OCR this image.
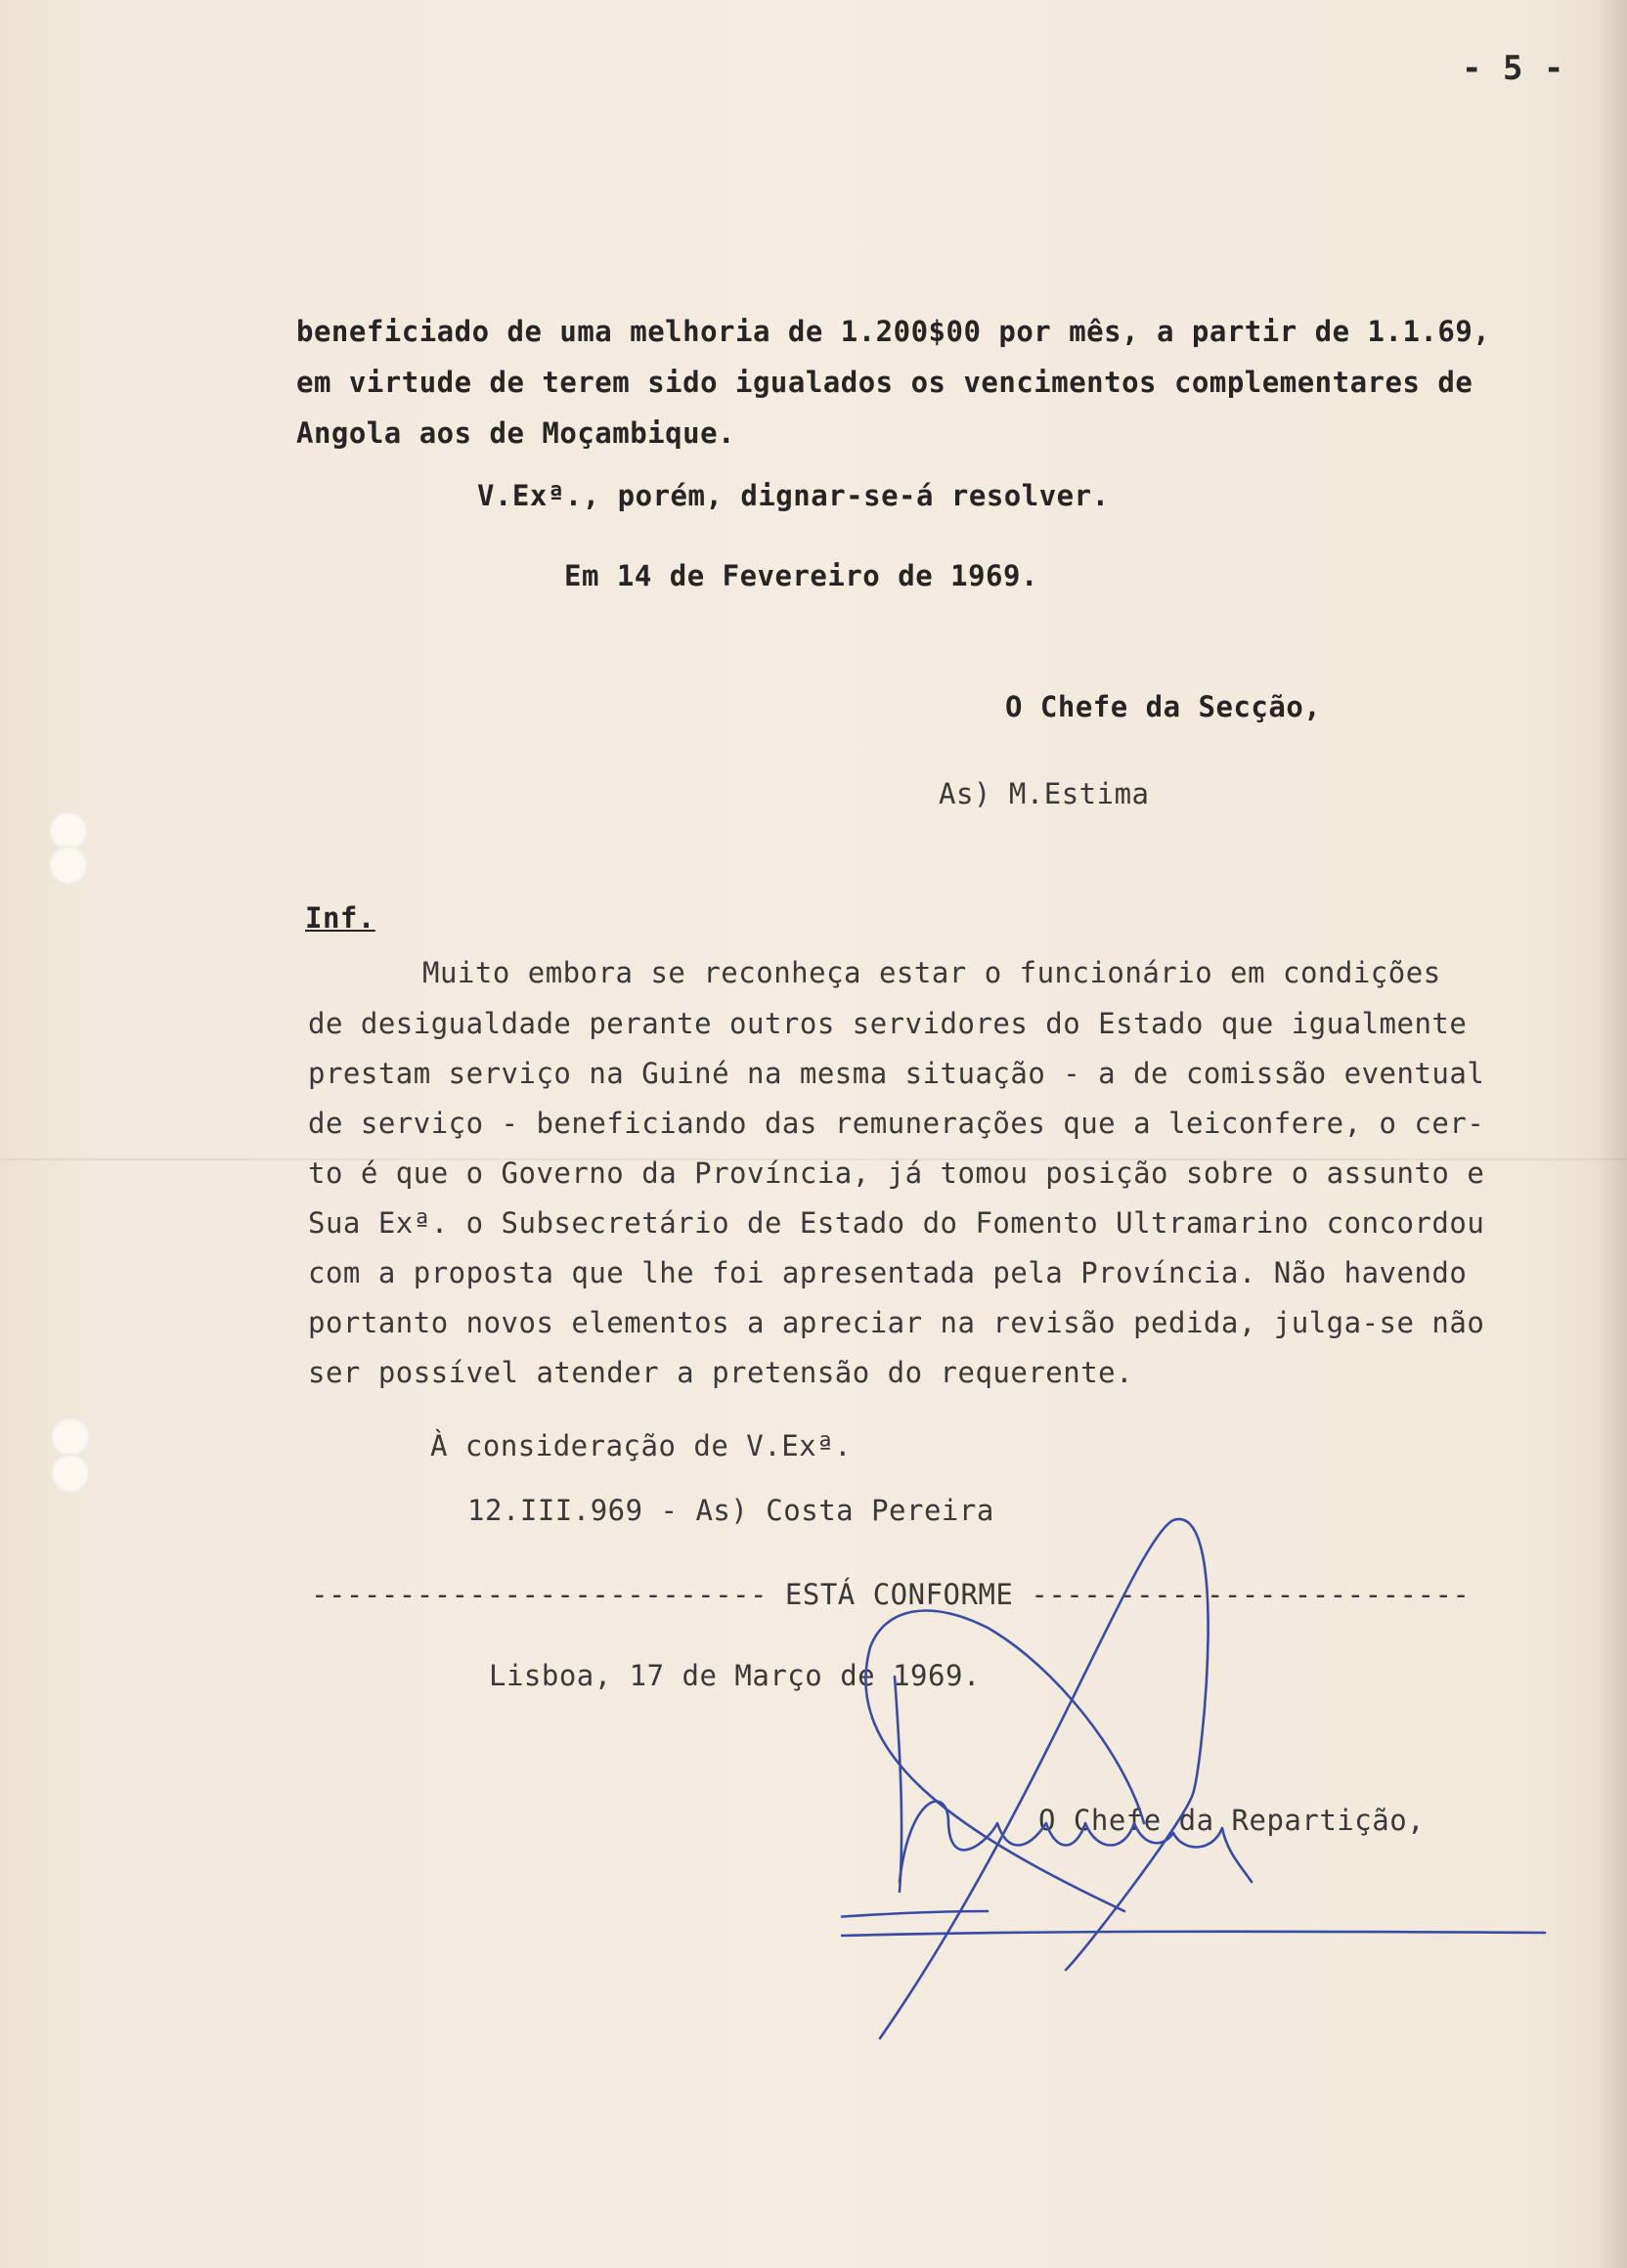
- 5 -
beneficiado de uma melhoria de 1.200$00 por mês, a partir de 1.1.69,
em virtude de terem sido igualados os vencimentos complementares de
Angola aos de Moçambique.
V.Exª., porém, dignar-se-á resolver.
Em 14 de Fevereiro de 1969.
O Chefe da Secção,
As) M.Estima
Inf.
Muito embora se reconheça estar o funcionário em condições
de desigualdade perante outros servidores do Estado que igualmente
prestam serviço na Guiné na mesma situação - a de comissão eventual
de serviço - beneficiando das remunerações que a leiconfere, o cer-
to é que o Governo da Província, já tomou posição sobre o assunto e
Sua Exª. o Subsecretário de Estado do Fomento Ultramarino concordou
com a proposta que lhe foi apresentada pela Província. Não havendo
portanto novos elementos a apreciar na revisão pedida, julga-se não
ser possível atender a pretensão do requerente.
À consideração de V.Exª.
12.III.969 - As) Costa Pereira
-------------------------- ESTÁ CONFORME -------------------------
Lisboa, 17 de Março de 1969.
O Chefe da Repartição,
